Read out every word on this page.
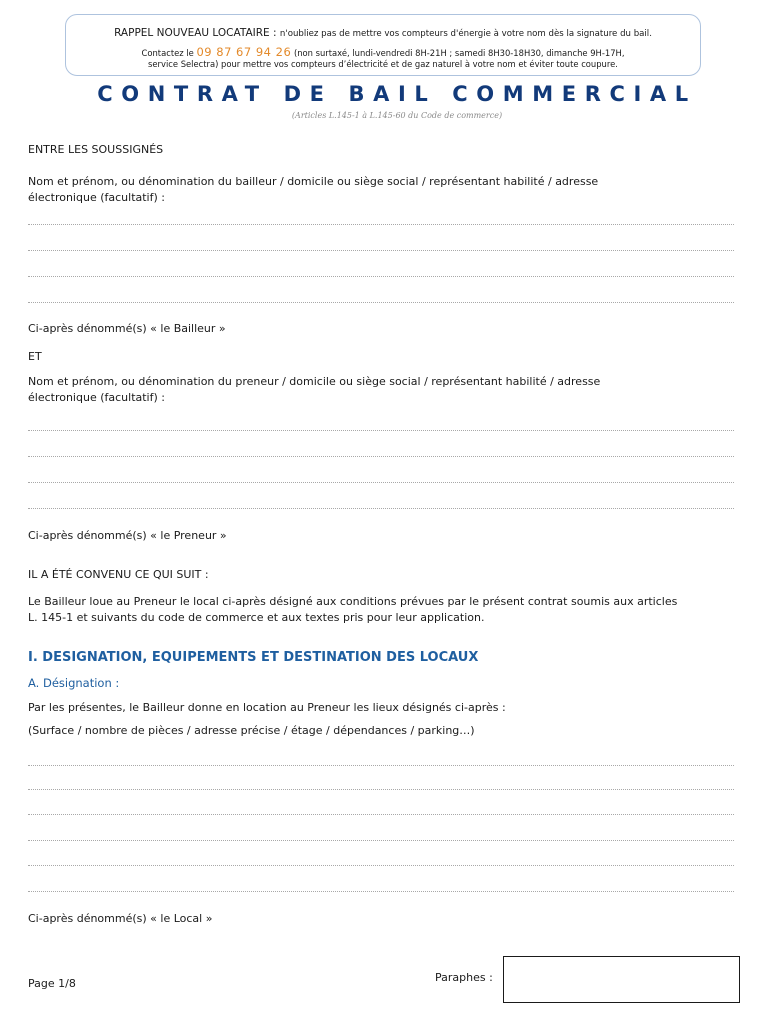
RAPPEL NOUVEAU LOCATAIRE : n'oubliez pas de mettre vos compteurs d'énergie à votre nom dès la signature du bail.
Contactez le 09 87 67 94 26 (non surtaxé, lundi-vendredi 8H-21H ; samedi 8H30-18H30, dimanche 9H-17H,
service Selectra) pour mettre vos compteurs d’électricité et de gaz naturel à votre nom et éviter toute coupure.
CONTRAT DE BAIL COMMERCIAL
(Articles L.145-1 à L.145-60 du Code de commerce)
ENTRE LES SOUSSIGNÉS
Nom et prénom, ou dénomination du bailleur / domicile ou siège social / représentant habilité / adresse
électronique (facultatif) :
Ci-après dénommé(s) « le Bailleur »
ET
Nom et prénom, ou dénomination du preneur / domicile ou siège social / représentant habilité / adresse
électronique (facultatif) :
Ci-après dénommé(s) « le Preneur »
IL A ÉTÉ CONVENU CE QUI SUIT :
Le Bailleur loue au Preneur le local ci-après désigné aux conditions prévues par le présent contrat soumis aux articles
L. 145-1 et suivants du code de commerce et aux textes pris pour leur application.
I. DESIGNATION, EQUIPEMENTS ET DESTINATION DES LOCAUX
A. Désignation :
Par les présentes, le Bailleur donne en location au Preneur les lieux désignés ci-après :
(Surface / nombre de pièces / adresse précise / étage / dépendances / parking…)
Ci-après dénommé(s) « le Local »
Page 1/8	Paraphes :
